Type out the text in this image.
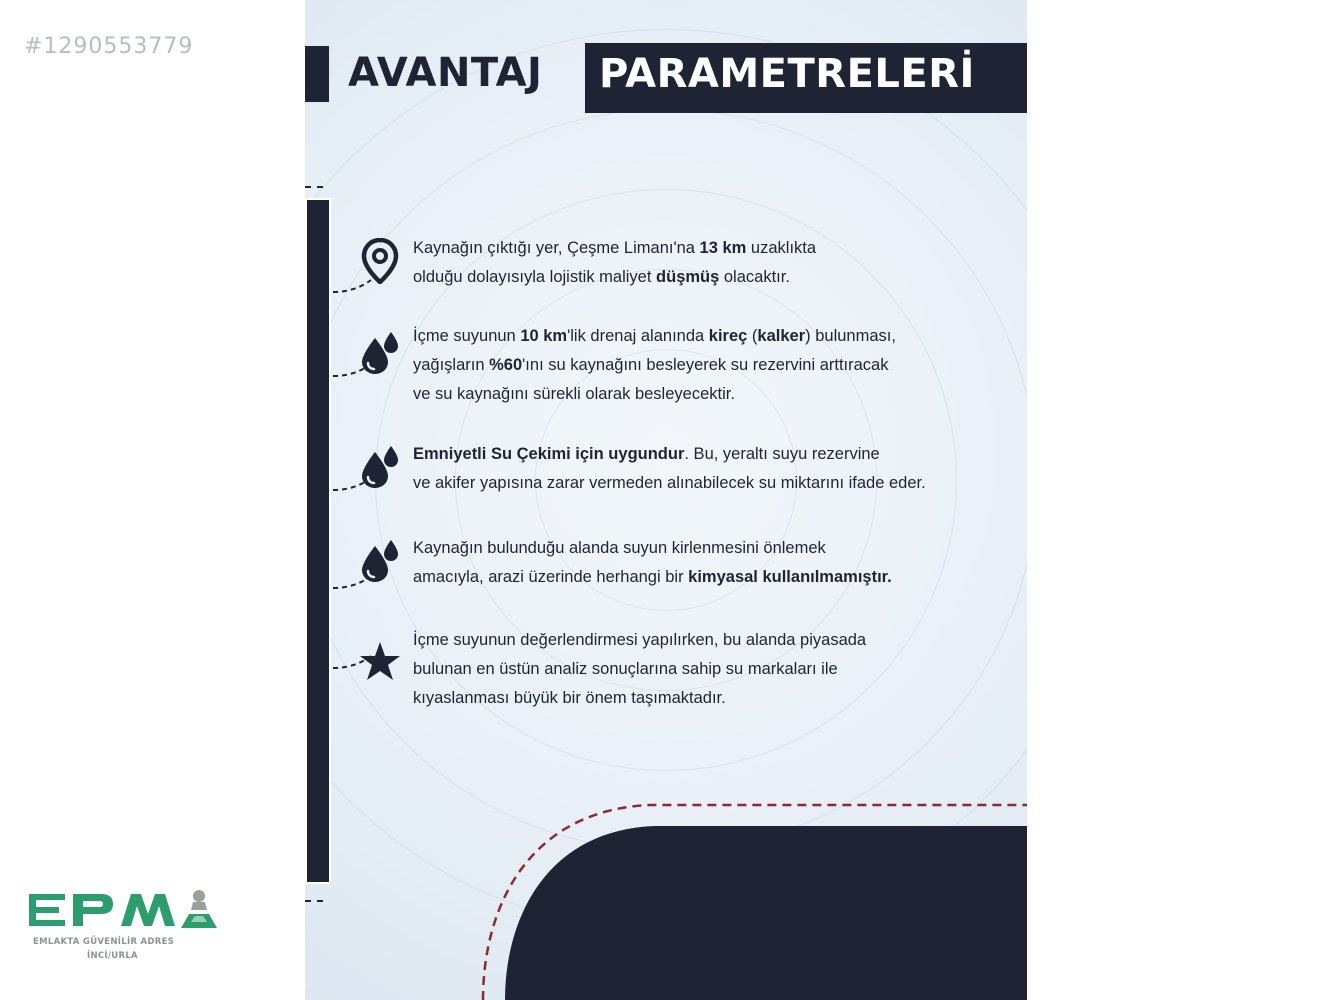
#1290553779
AVANTAJ PARAMETRELERİ
Kaynağın çıktığı yer, Çeşme Limanı'na 13 km uzaklıkta
olduğu dolayısıyla lojistik maliyet düşmüş olacaktır.
İçme suyunun 10 km'lik drenaj alanında kireç (kalker) bulunması,
yağışların %60'ını su kaynağını besleyerek su rezervini arttıracak
ve su kaynağını sürekli olarak besleyecektir.
Emniyetli Su Çekimi için uygundur. Bu, yeraltı suyu rezervine
ve akifer yapısına zarar vermeden alınabilecek su miktarını ifade eder.
Kaynağın bulunduğu alanda suyun kirlenmesini önlemek
amacıyla, arazi üzerinde herhangi bir kimyasal kullanılmamıştır.
İçme suyunun değerlendirmesi yapılırken, bu alanda piyasada
bulunan en üstün analiz sonuçlarına sahip su markaları ile
kıyaslanması büyük bir önem taşımaktadır.
EMLAKTA GÜVENİLİR ADRES
İNCİ/URLA
